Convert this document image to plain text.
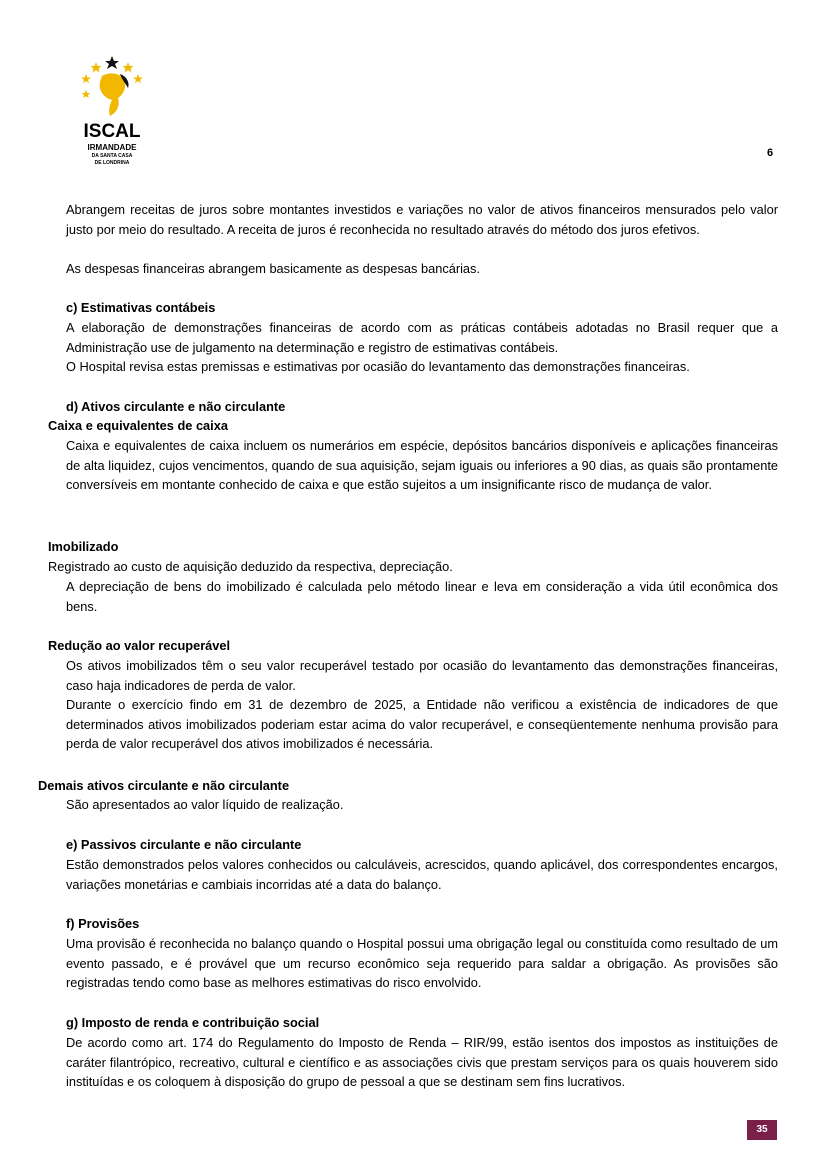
ISCAL
IRMANDADE
DA SANTA CASA
DE LONDRINA
6
Abrangem receitas de juros sobre montantes investidos e variações no valor de ativos financeiros mensurados pelo valor justo por meio do resultado. A receita de juros é reconhecida no resultado através do método dos juros efetivos.
As despesas financeiras abrangem basicamente as despesas bancárias.
c) Estimativas contábeis
A elaboração de demonstrações financeiras de acordo com as práticas contábeis adotadas no Brasil requer que a Administração use de julgamento na determinação e registro de estimativas contábeis.
O Hospital revisa estas premissas e estimativas por ocasião do levantamento das demonstrações financeiras.
d) Ativos circulante e não circulante
Caixa e equivalentes de caixa
Caixa e equivalentes de caixa incluem os numerários em espécie, depósitos bancários disponíveis e aplicações financeiras de alta liquidez, cujos vencimentos, quando de sua aquisição, sejam iguais ou inferiores a 90 dias, as quais são prontamente conversíveis em montante conhecido de caixa e que estão sujeitos a um insignificante risco de mudança de valor.
Imobilizado
Registrado ao custo de aquisição deduzido da respectiva, depreciação.
A depreciação de bens do imobilizado é calculada pelo método linear e leva em consideração a vida útil econômica dos bens.
Redução ao valor recuperável
Os ativos imobilizados têm o seu valor recuperável testado por ocasião do levantamento das demonstrações financeiras, caso haja indicadores de perda de valor.
Durante o exercício findo em 31 de dezembro de 2025, a Entidade não verificou a existência de indicadores de que determinados ativos imobilizados poderiam estar acima do valor recuperável, e conseqüentemente nenhuma provisão para perda de valor recuperável dos ativos imobilizados é necessária.
Demais ativos circulante e não circulante
São apresentados ao valor líquido de realização.
e) Passivos circulante e não circulante
Estão demonstrados pelos valores conhecidos ou calculáveis, acrescidos, quando aplicável, dos correspondentes encargos, variações monetárias e cambiais incorridas até a data do balanço.
f) Provisões
Uma provisão é reconhecida no balanço quando o Hospital possui uma obrigação legal ou constituída como resultado de um evento passado, e é provável que um recurso econômico seja requerido para saldar a obrigação. As provisões são registradas tendo como base as melhores estimativas do risco envolvido.
g) Imposto de renda e contribuição social
De acordo como art. 174 do Regulamento do Imposto de Renda – RIR/99, estão isentos dos impostos as instituições de caráter filantrópico, recreativo, cultural e científico e as associações civis que prestam serviços para os quais houverem sido instituídas e os coloquem à disposição do grupo de pessoal a que se destinam sem fins lucrativos.
35
